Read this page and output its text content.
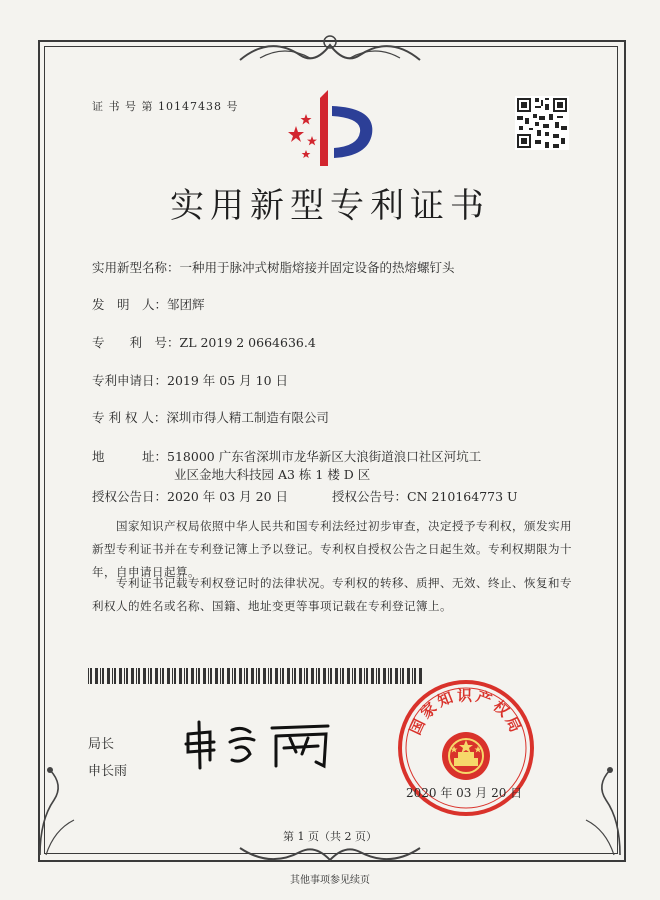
证 书 号 第 10147438 号
实用新型专利证书
实用新型名称：一种用于脉冲式树脂熔接并固定设备的热熔螺钉头
发　明　人：邹团辉
专　　利　号：ZL 2019 2 0664636.4
专利申请日：2019 年 05 月 10 日
专 利 权 人：深圳市得人精工制造有限公司
地　　　址：518000 广东省深圳市龙华新区大浪街道浪口社区河坑工
业区金地大科技园 A3 栋 1 楼 D 区
授权公告日：2020 年 03 月 20 日	授权公告号：CN 210164773 U
国家知识产权局依照中华人民共和国专利法经过初步审查，决定授予专利权，颁发实用新型专利证书并在专利登记簿上予以登记。专利权自授权公告之日起生效。专利权期限为十年，自申请日起算。
专利证书记载专利权登记时的法律状况。专利权的转移、质押、无效、终止、恢复和专利权人的姓名或名称、国籍、地址变更等事项记载在专利登记簿上。
局长
申长雨
国家知识产权局
2020 年 03 月 20 日
第 1 页（共 2 页）
其他事项参见续页
